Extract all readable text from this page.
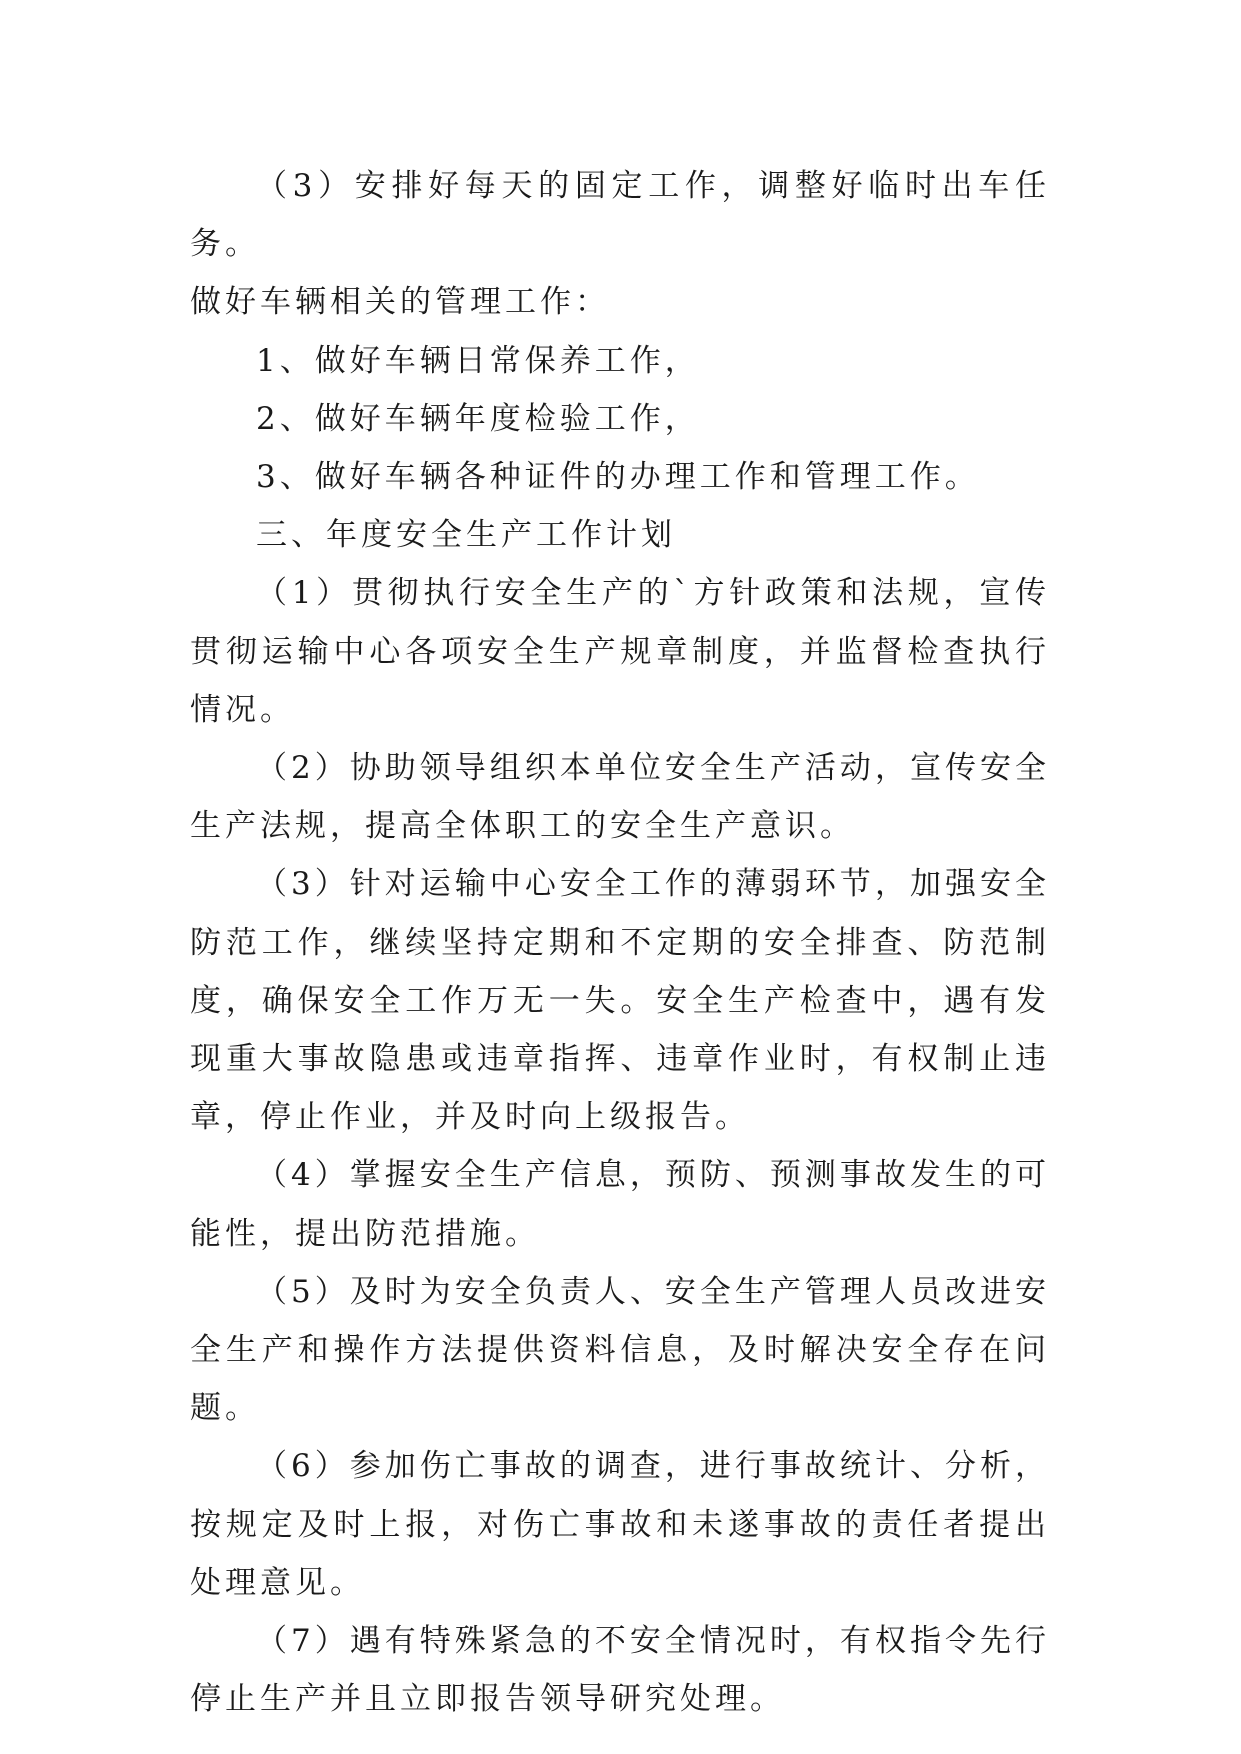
（3）安排好每天的固定工作，调整好临时出车任务。

做好车辆相关的管理工作：

1、做好车辆日常保养工作，

2、做好车辆年度检验工作，

3、做好车辆各种证件的办理工作和管理工作。

三、年度安全生产工作计划

（1）贯彻执行安全生产的`方针政策和法规，宣传贯彻运输中心各项安全生产规章制度，并监督检查执行情况。

（2）协助领导组织本单位安全生产活动，宣传安全生产法规，提高全体职工的安全生产意识。

（3）针对运输中心安全工作的薄弱环节，加强安全防范工作，继续坚持定期和不定期的安全排查、防范制度，确保安全工作万无一失。安全生产检查中，遇有发现重大事故隐患或违章指挥、违章作业时，有权制止违章，停止作业，并及时向上级报告。

（4）掌握安全生产信息，预防、预测事故发生的可能性，提出防范措施。

（5）及时为安全负责人、安全生产管理人员改进安全生产和操作方法提供资料信息，及时解决安全存在问题。

（6）参加伤亡事故的调查，进行事故统计、分析，按规定及时上报，对伤亡事故和未遂事故的责任者提出处理意见。

（7）遇有特殊紧急的不安全情况时，有权指令先行停止生产并且立即报告领导研究处理。
